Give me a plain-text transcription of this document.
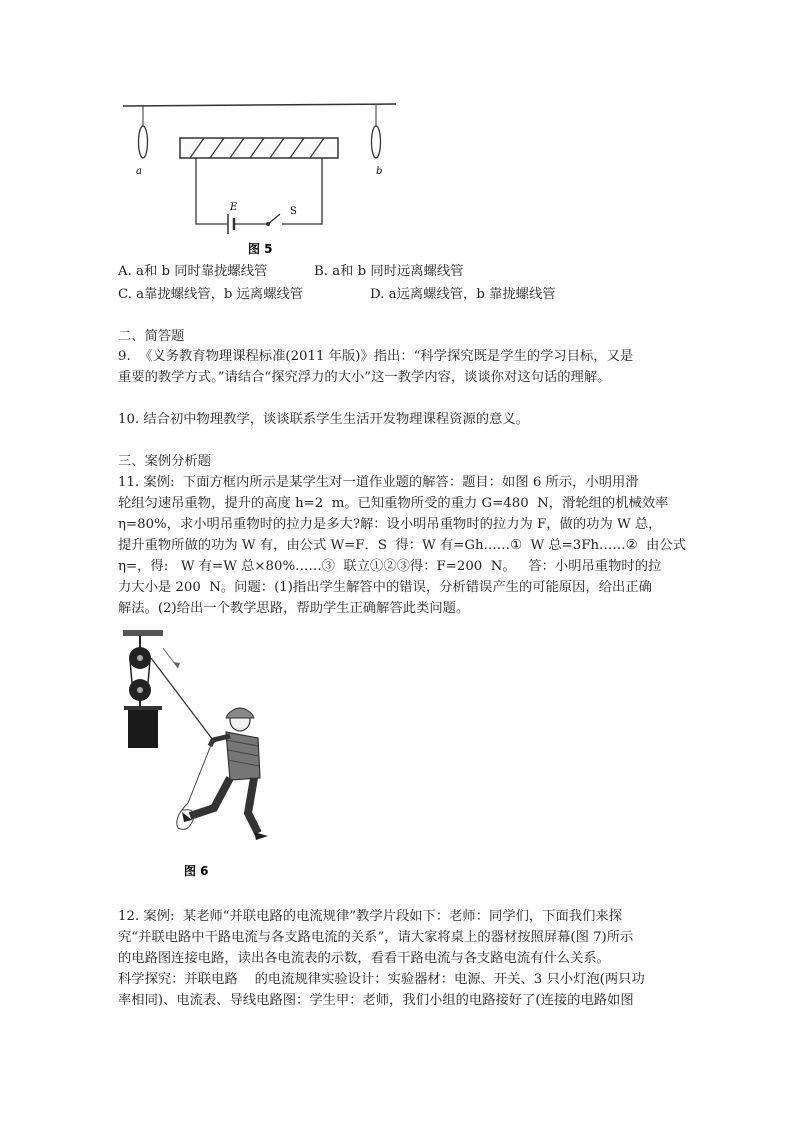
a	b
E	S
图 5
A. a和 b 同时靠拢螺线管	B. a和 b 同时远离螺线管
C. a靠拢螺线管，b 远离螺线管	D. a远离螺线管，b 靠拢螺线管
二、简答题
9.  《义务教育物理课程标准(2011 年版)》指出：“科学探究既是学生的学习目标，又是
重要的教学方式。”请结合“探究浮力的大小”这一教学内容，谈谈你对这句话的理解。
10. 结合初中物理教学，谈谈联系学生生活开发物理课程资源的意义。
三、案例分析题
11. 案例:  下面方框内所示是某学生对一道作业题的解答：题目：如图 6 所示，小明用滑
轮组匀速吊重物，提升的高度 h=2  m。已知重物所受的重力 G=480  N，滑轮组的机械效率
η=80%，求小明吊重物时的拉力是多大?解：设小明吊重物时的拉力为 F，做的功为 W 总，
提升重物所做的功为 W 有，由公式 W=F．S  得：W 有=Gh……①  W 总=3Fh……②  由公式
η=，得:   W 有=W 总×80%……③  联立①②③得：F=200  N。   答：小明吊重物时的拉
力大小是 200  N。问题：(1)指出学生解答中的错误，分析错误产生的可能原因，给出正确
解法。(2)给出一个教学思路，帮助学生正确解答此类问题。
图 6
12. 案例:  某老师“并联电路的电流规律”教学片段如下：老师：同学们，下面我们来探
究“并联电路中干路电流与各支路电流的关系”，请大家将桌上的器材按照屏幕(图 7)所示
的电路图连接电路，读出各电流表的示数，看看干路电流与各支路电流有什么关系。
科学探究：并联电路    的电流规律实验设计：实验器材：电源、开关、3 只小灯泡(两只功
率相同)、电流表、导线电路图：学生甲：老师，我们小组的电路接好了(连接的电路如图
